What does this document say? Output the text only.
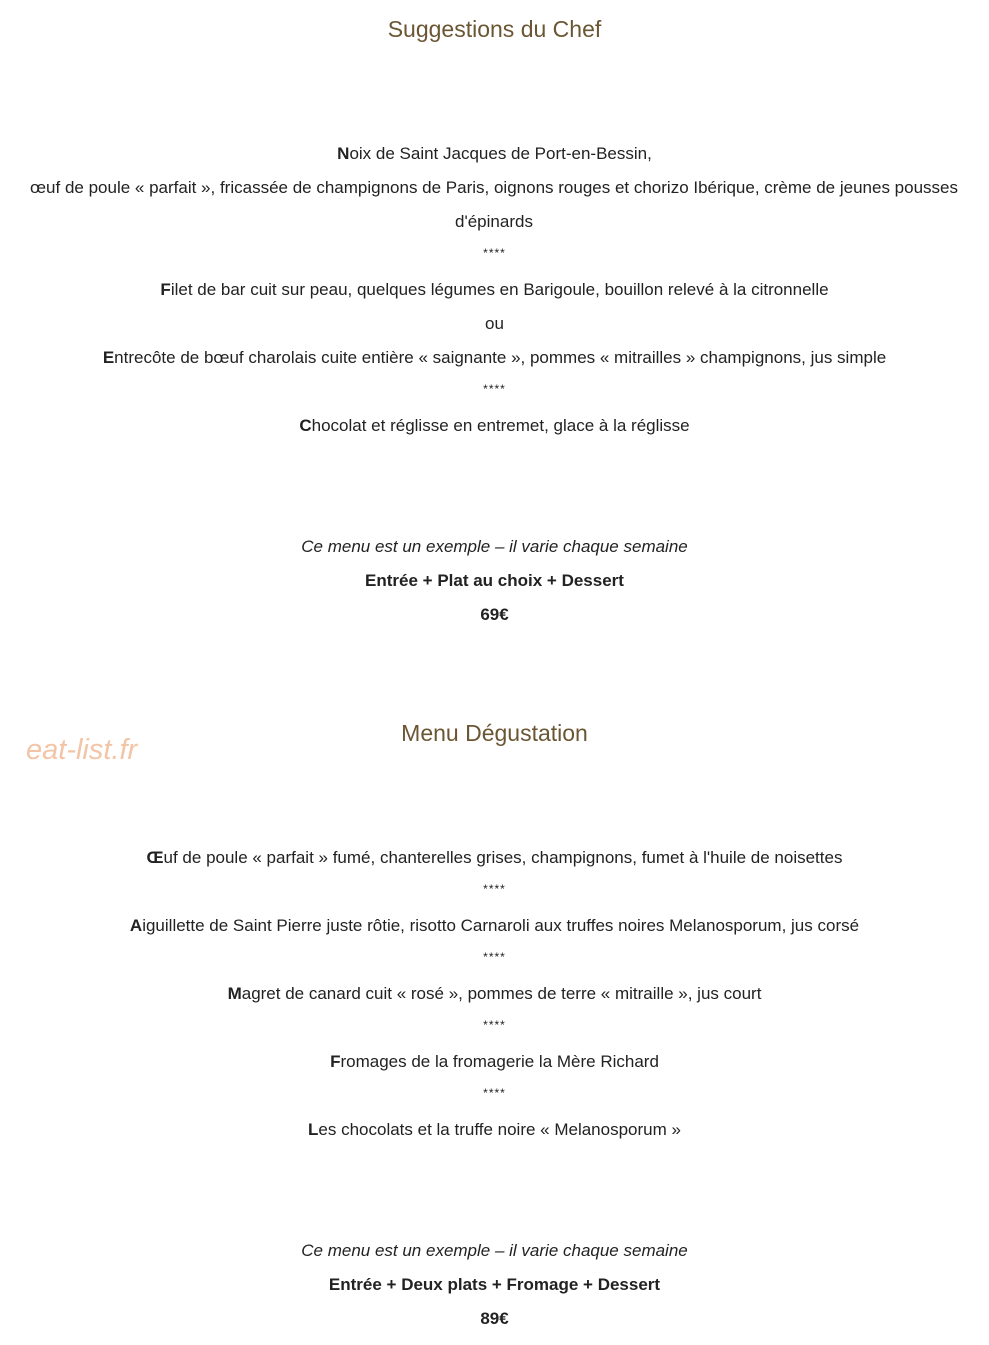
Suggestions du Chef

Noix de Saint Jacques de Port-en-Bessin,

œuf de poule « parfait », fricassée de champignons de Paris, oignons rouges et chorizo Ibérique, crème de jeunes pousses d'épinards

****

Filet de bar cuit sur peau, quelques légumes en Barigoule, bouillon relevé à la citronnelle

ou

Entrecôte de bœuf charolais cuite entière « saignante », pommes « mitrailles » champignons, jus simple

****

Chocolat et réglisse en entremet, glace à la réglisse

Ce menu est un exemple – il varie chaque semaine

Entrée + Plat au choix + Dessert

69€

eat-list.fr
Menu Dégustation

Œuf de poule « parfait » fumé, chanterelles grises, champignons, fumet à l'huile de noisettes

****

Aiguillette de Saint Pierre juste rôtie, risotto Carnaroli aux truffes noires Melanosporum, jus corsé

****

Magret de canard cuit « rosé », pommes de terre « mitraille », jus court

****

Fromages de la fromagerie la Mère Richard

****

Les chocolats et la truffe noire « Melanosporum »

Ce menu est un exemple – il varie chaque semaine

Entrée + Deux plats + Fromage + Dessert

89€
